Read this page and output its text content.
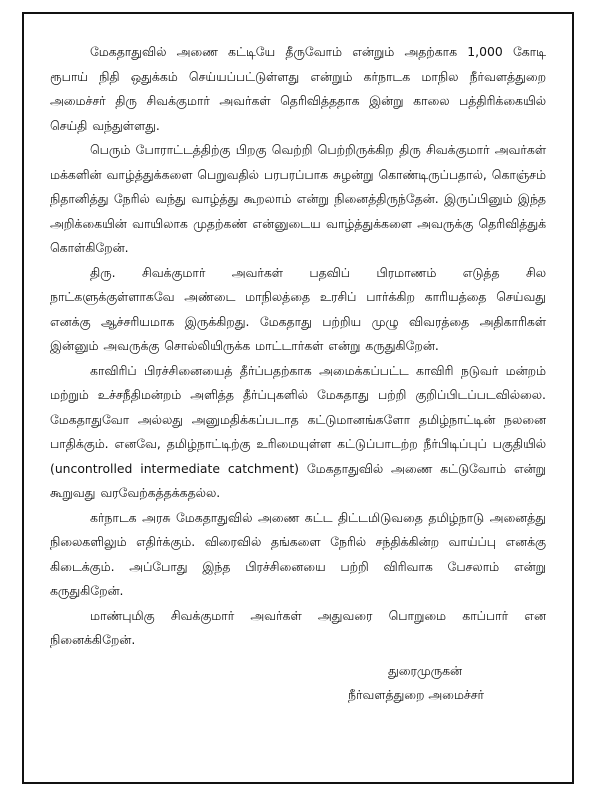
மேகதாதுவில் அணை கட்டியே தீருவோம் என்றும் அதற்காக 1,000 கோடி ரூபாய் நிதி ஒதுக்கம் செய்யப்பட்டுள்ளது என்றும் கர்நாடக மாநில நீர்வளத்துறை அமைச்சர் திரு சிவக்குமார் அவர்கள் தெரிவித்ததாக இன்று காலை பத்திரிக்கையில் செய்தி வந்துள்ளது.

பெரும் போராட்டத்திற்கு பிறகு வெற்றி பெற்றிருக்கிற திரு சிவக்குமார் அவர்கள் மக்களின் வாழ்த்துக்களை பெறுவதில் பரபரப்பாக சுழன்று கொண்டிருப்பதால், கொஞ்சம் நிதானித்து நேரில் வந்து வாழ்த்து கூறலாம் என்று நினைத்திருந்தேன். இருப்பினும் இந்த அறிக்கையின் வாயிலாக முதற்கண் என்னுடைய வாழ்த்துக்களை அவருக்கு தெரிவித்துக் கொள்கிறேன்.

திரு. சிவக்குமார் அவர்கள் பதவிப் பிரமாணம் எடுத்த சில நாட்களுக்குள்ளாகவே அண்டை மாநிலத்தை உரசிப் பார்க்கிற காரியத்தை செய்வது எனக்கு ஆச்சரியமாக இருக்கிறது. மேகதாது பற்றிய முழு விவரத்தை அதிகாரிகள் இன்னும் அவருக்கு சொல்லியிருக்க மாட்டார்கள் என்று கருதுகிறேன்.

காவிரிப் பிரச்சினையைத் தீர்ப்பதற்காக அமைக்கப்பட்ட காவிரி நடுவர் மன்றம் மற்றும் உச்சநீதிமன்றம் அளித்த தீர்ப்புகளில் மேகதாது பற்றி குறிப்பிடப்படவில்லை. மேகதாதுவோ அல்லது அனுமதிக்கப்படாத கட்டுமானங்களோ தமிழ்நாட்டின் நலனை பாதிக்கும். எனவே, தமிழ்நாட்டிற்கு உரிமையுள்ள கட்டுப்பாடற்ற நீர்பிடிப்புப் பகுதியில் (uncontrolled intermediate catchment) மேகதாதுவில் அணை கட்டுவோம் என்று கூறுவது வரவேற்கத்தக்கதல்ல.

கர்நாடக அரசு மேகதாதுவில் அணை கட்ட திட்டமிடுவதை தமிழ்நாடு அனைத்து நிலைகளிலும் எதிர்க்கும். விரைவில் தங்களை நேரில் சந்திக்கின்ற வாய்ப்பு எனக்கு கிடைக்கும். அப்போது இந்த பிரச்சினையை பற்றி விரிவாக பேசலாம் என்று கருதுகிறேன்.

மாண்புமிகு சிவக்குமார் அவர்கள் அதுவரை பொறுமை காப்பார் என நினைக்கிறேன்.

துரைமுருகன்
நீர்வளத்துறை அமைச்சர்
